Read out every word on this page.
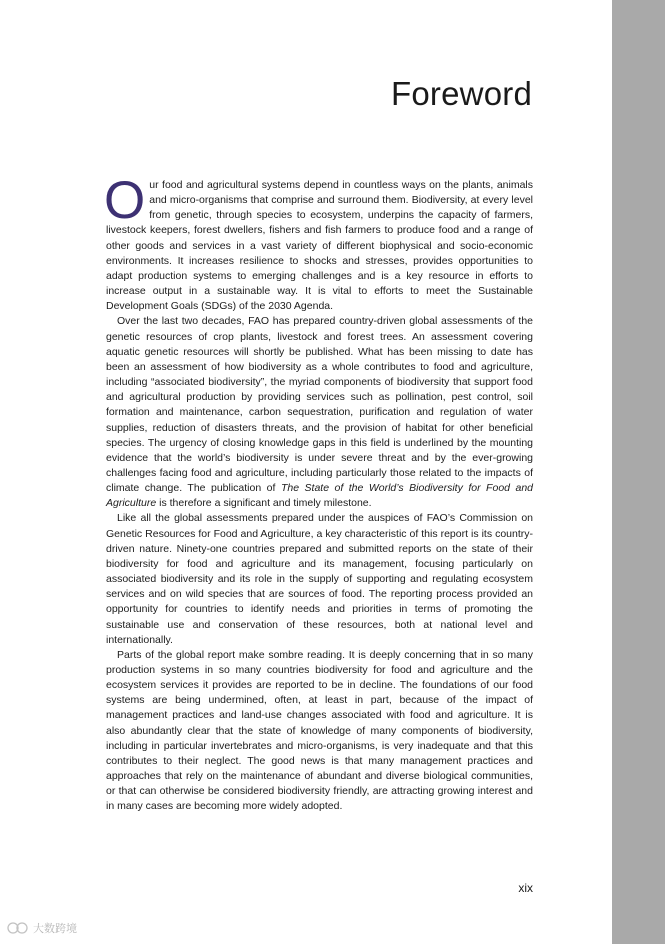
Foreword

Our food and agricultural systems depend in countless ways on the plants, animals and micro-organisms that comprise and surround them. Biodiversity, at every level from genetic, through species to ecosystem, underpins the capacity of farmers, livestock keepers, forest dwellers, fishers and fish farmers to produce food and a range of other goods and services in a vast variety of different biophysical and socio-economic environments. It increases resilience to shocks and stresses, provides opportunities to adapt production systems to emerging challenges and is a key resource in efforts to increase output in a sustainable way. It is vital to efforts to meet the Sustainable Development Goals (SDGs) of the 2030 Agenda.

Over the last two decades, FAO has prepared country-driven global assessments of the genetic resources of crop plants, livestock and forest trees. An assessment covering aquatic genetic resources will shortly be published. What has been missing to date has been an assessment of how biodiversity as a whole contributes to food and agriculture, including “associated biodiversity”, the myriad components of biodiversity that support food and agricultural production by providing services such as pollination, pest control, soil formation and maintenance, carbon sequestration, purification and regulation of water supplies, reduction of disasters threats, and the provision of habitat for other beneficial species. The urgency of closing knowledge gaps in this field is underlined by the mounting evidence that the world’s biodiversity is under severe threat and by the ever-growing challenges facing food and agriculture, including particularly those related to the impacts of climate change. The publication of The State of the World’s Biodiversity for Food and Agriculture is therefore a significant and timely milestone.

Like all the global assessments prepared under the auspices of FAO’s Commission on Genetic Resources for Food and Agriculture, a key characteristic of this report is its country-driven nature. Ninety-one countries prepared and submitted reports on the state of their biodiversity for food and agriculture and its management, focusing particularly on associated biodiversity and its role in the supply of supporting and regulating ecosystem services and on wild species that are sources of food. The reporting process provided an opportunity for countries to identify needs and priorities in terms of promoting the sustainable use and conservation of these resources, both at national level and internationally.

Parts of the global report make sombre reading. It is deeply concerning that in so many production systems in so many countries biodiversity for food and agriculture and the ecosystem services it provides are reported to be in decline. The foundations of our food systems are being undermined, often, at least in part, because of the impact of management practices and land-use changes associated with food and agriculture. It is also abundantly clear that the state of knowledge of many components of biodiversity, including in particular invertebrates and micro-organisms, is very inadequate and that this contributes to their neglect. The good news is that many management practices and approaches that rely on the maintenance of abundant and diverse biological communities, or that can otherwise be considered biodiversity friendly, are attracting growing interest and in many cases are becoming more widely adopted.

xix
大数跨境
